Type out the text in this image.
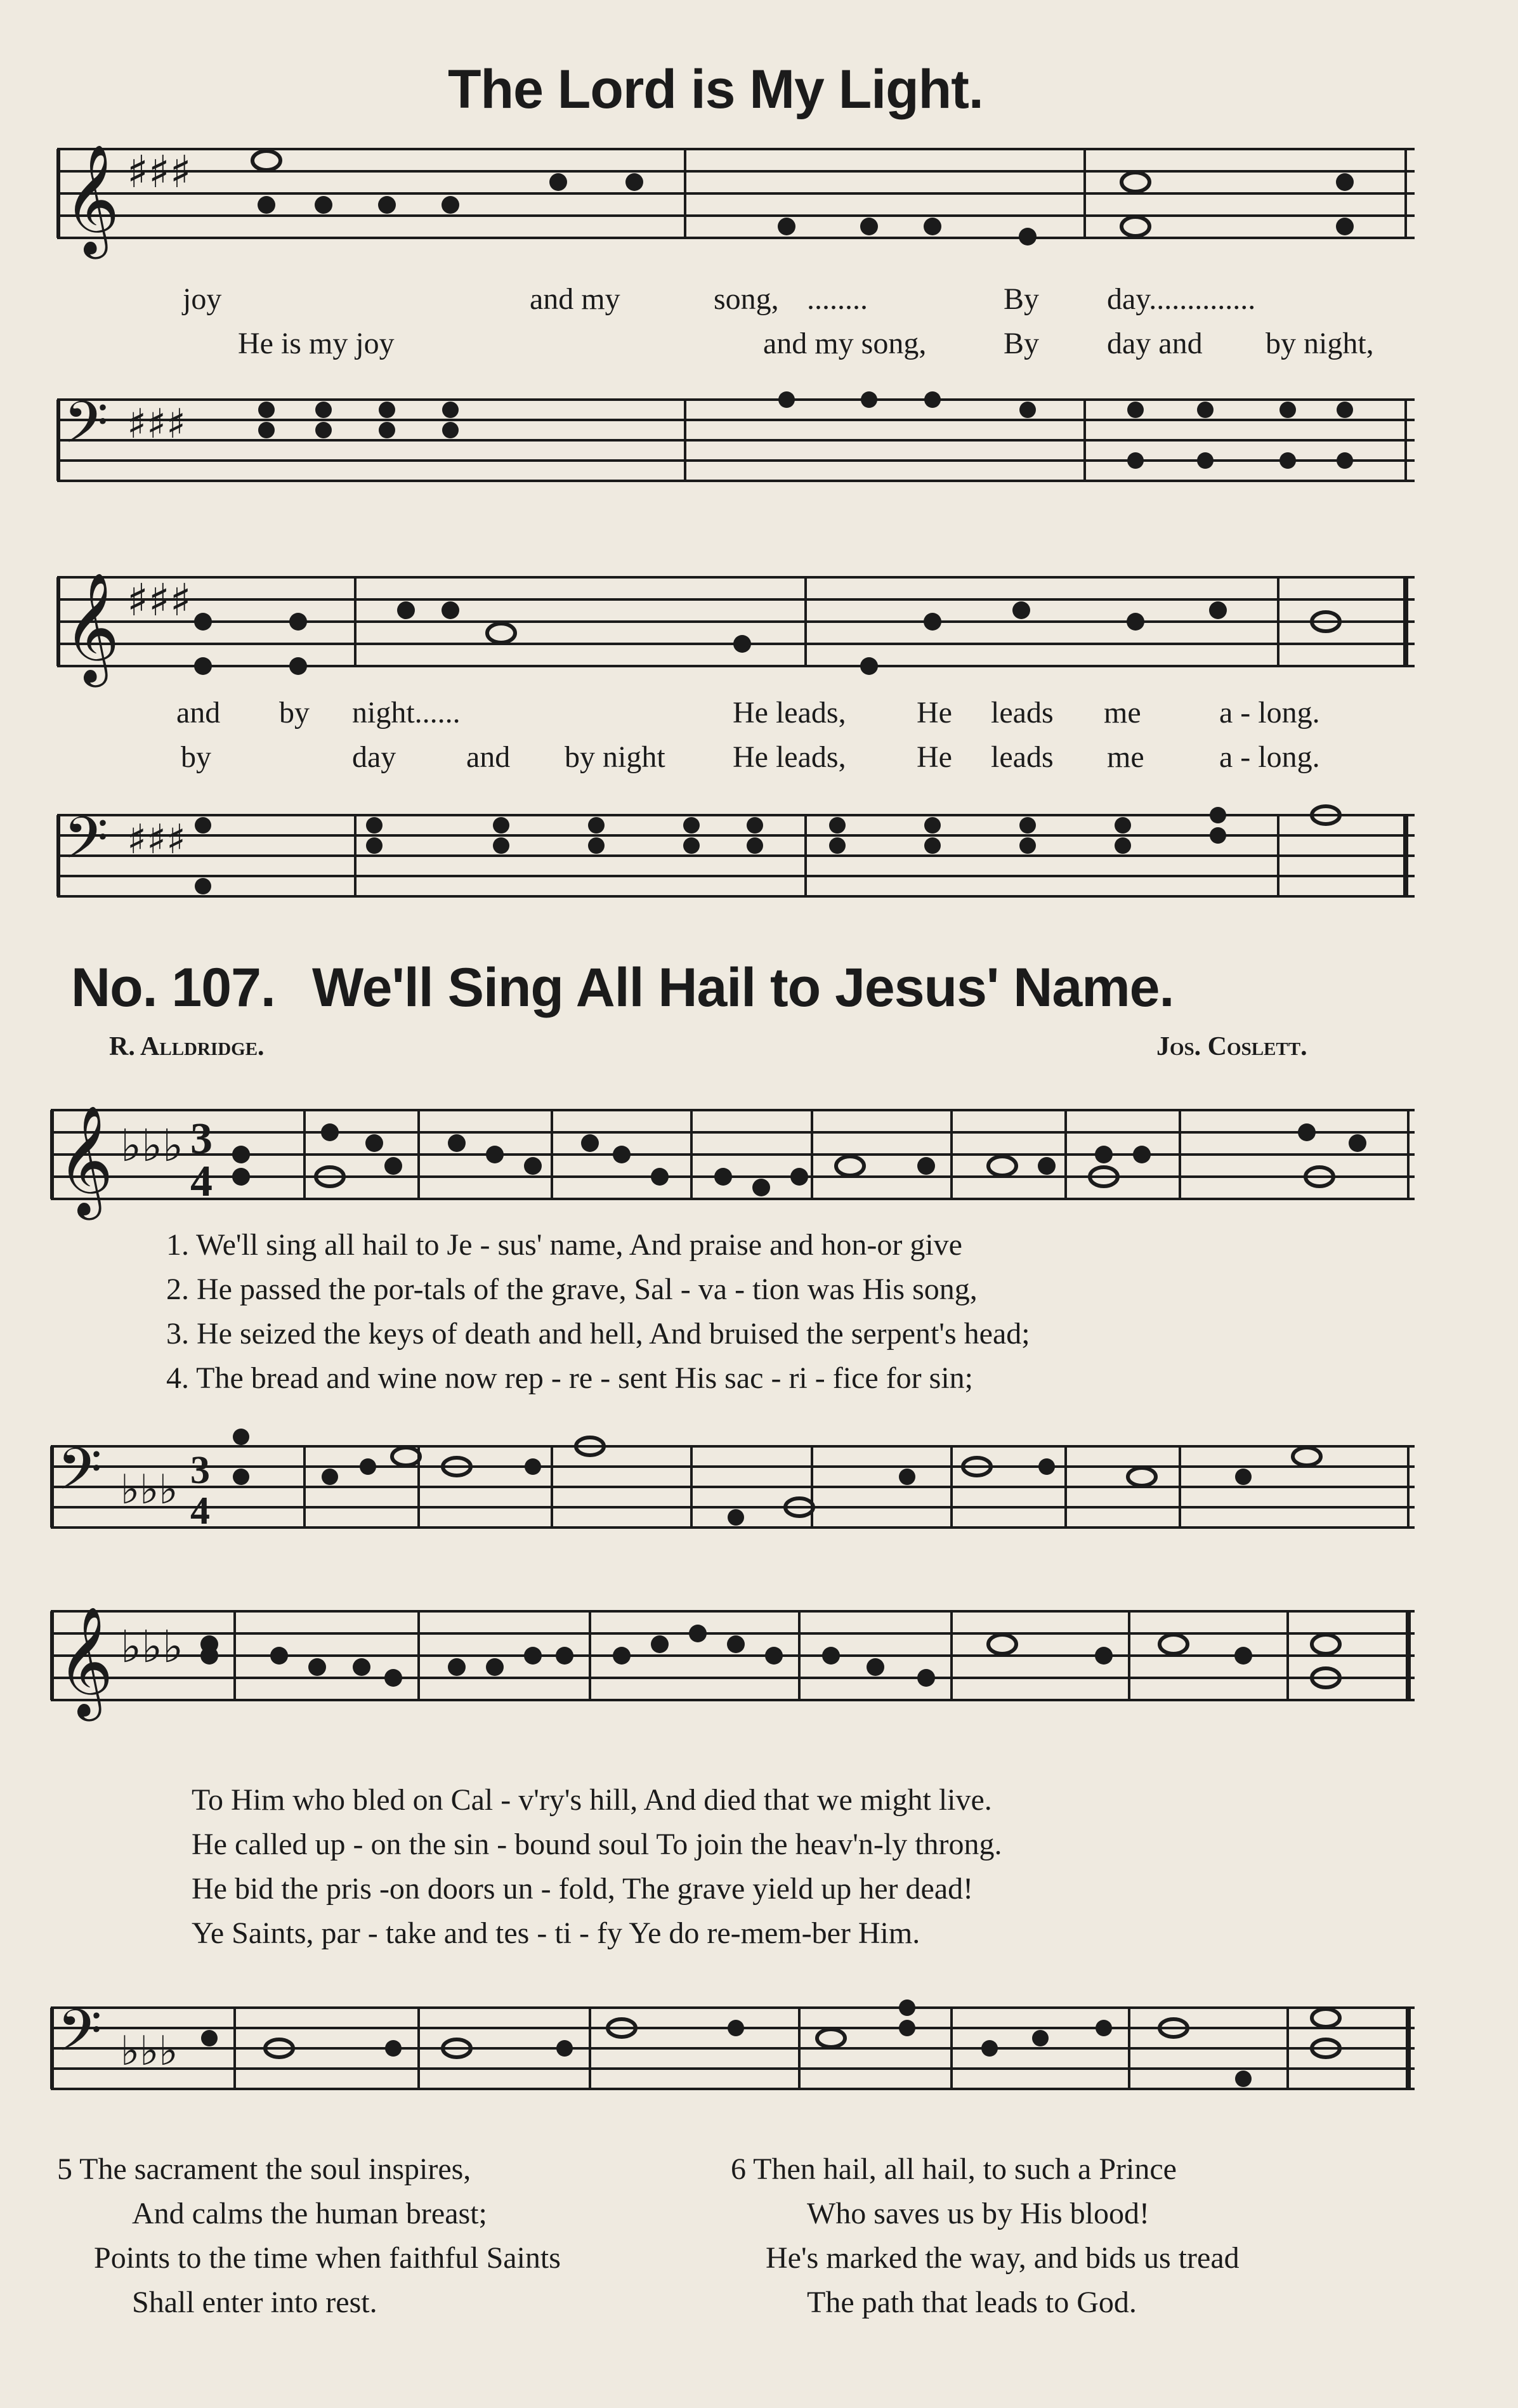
The Lord is My Light.
𝄞 ♯♯♯
joy	and my	song, ........	By day..............
He is my joy	and my song,	By day and by night,
𝄢 ♯♯♯
𝄞 ♯♯♯
and by night......	He leads, He leads me	a - long.
by	day and by night He leads, He leads me a - long.
𝄢 ♯♯♯
No. 107. We'll Sing All Hail to Jesus' Name.
R. Alldridge.	Jos. Coslett.
𝄞 ♭♭♭ 3
4
1. We'll sing all hail to Je - sus' name, And praise and hon-or give
2. He passed the por-tals of the grave, Sal - va - tion was His song,
3. He seized the keys of death and hell, And bruised the serpent's head;
4. The bread and wine now rep - re - sent His sac - ri - fice for sin;
𝄢 ♭♭♭ 3
4
𝄞 ♭♭♭
To Him who bled on Cal - v'ry's hill, And died that we might live.
He called up - on the sin - bound soul To join the heav'n-ly throng.
He bid the pris -on doors un - fold, The grave yield up her dead!
Ye Saints, par - take and tes - ti - fy Ye do re-mem-ber Him.
𝄢 ♭♭♭
5 The sacrament the soul inspires,
And calms the human breast;
Points to the time when faithful Saints
Shall enter into rest.
6 Then hail, all hail, to such a Prince
Who saves us by His blood!
He's marked the way, and bids us tread
The path that leads to God.
